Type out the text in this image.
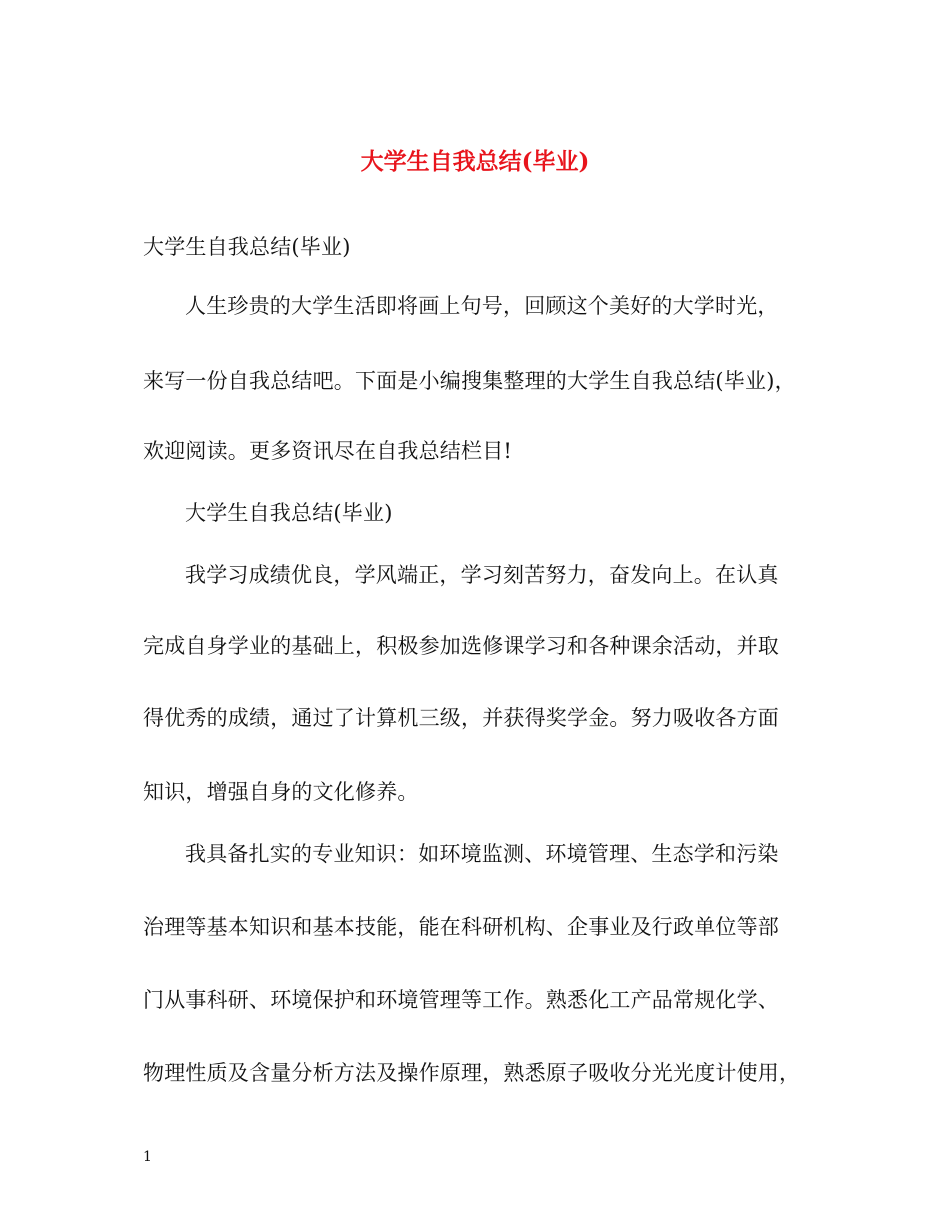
大学生自我总结(毕业)
大学生自我总结(毕业)
人生珍贵的大学生活即将画上句号，回顾这个美好的大学时光，
来写一份自我总结吧。下面是小编搜集整理的大学生自我总结(毕业)，
欢迎阅读。更多资讯尽在自我总结栏目!
大学生自我总结(毕业)
我学习成绩优良，学风端正，学习刻苦努力，奋发向上。在认真
完成自身学业的基础上，积极参加选修课学习和各种课余活动，并取
得优秀的成绩，通过了计算机三级，并获得奖学金。努力吸收各方面
知识，增强自身的文化修养。
我具备扎实的专业知识：如环境监测、环境管理、生态学和污染
治理等基本知识和基本技能，能在科研机构、企事业及行政单位等部
门从事科研、环境保护和环境管理等工作。熟悉化工产品常规化学、
物理性质及含量分析方法及操作原理，熟悉原子吸收分光光度计使用，
1
